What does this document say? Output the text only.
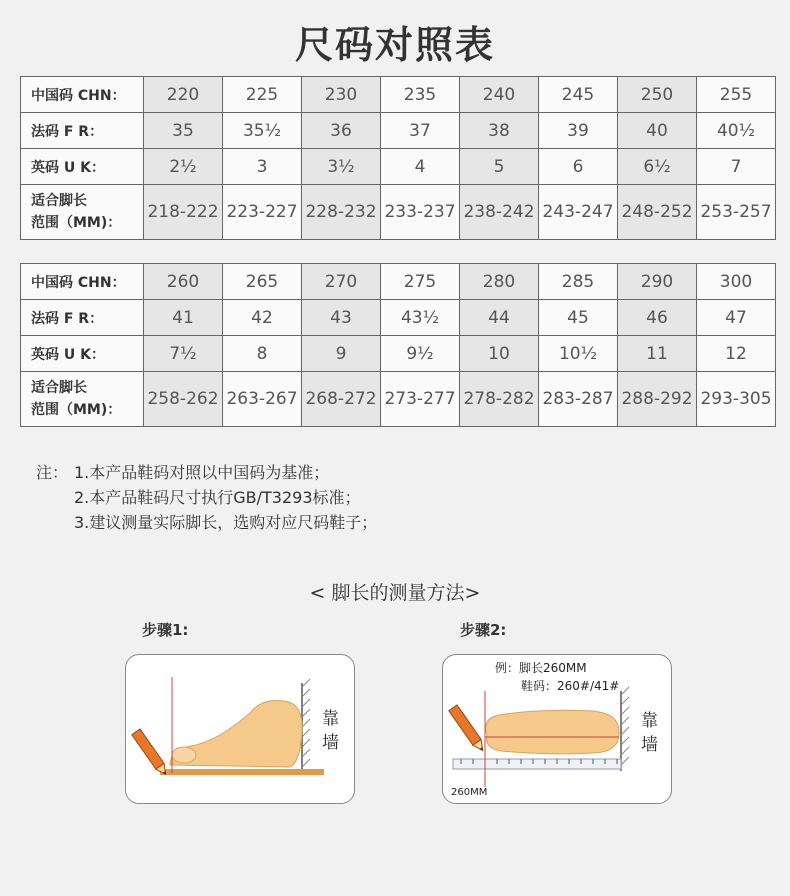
尺码对照表
中国码 CHN：	220	225	230	235	240	245	250	255
法码 F R：	35	35½	36	37	38	39	40	40½
英码 U K：	2½	3	3½	4	5	6	6½	7

适合脚长
范围（MM)：	218-222	223-227	228-232	233-237	238-242	243-247	248-252	253-257
中国码 CHN：	260	265	270	275	280	285	290	300
法码 F R：	41	42	43	43½	44	45	46	47
英码 U K：	7½	8	9	9½	10	10½	11	12

适合脚长
范围（MM)：	258-262	263-267	268-272	273-277	278-282	283-287	288-292	293-305
注： 1.本产品鞋码对照以中国码为基准；
2.本产品鞋码尺寸执行GB/T3293标准；
3.建议测量实际脚长，选购对应尺码鞋子；
< 脚长的测量方法>
步骤1:	步骤2:
靠
墙
例：脚长260MM
鞋码：260#/41#
260MM
靠
墙
